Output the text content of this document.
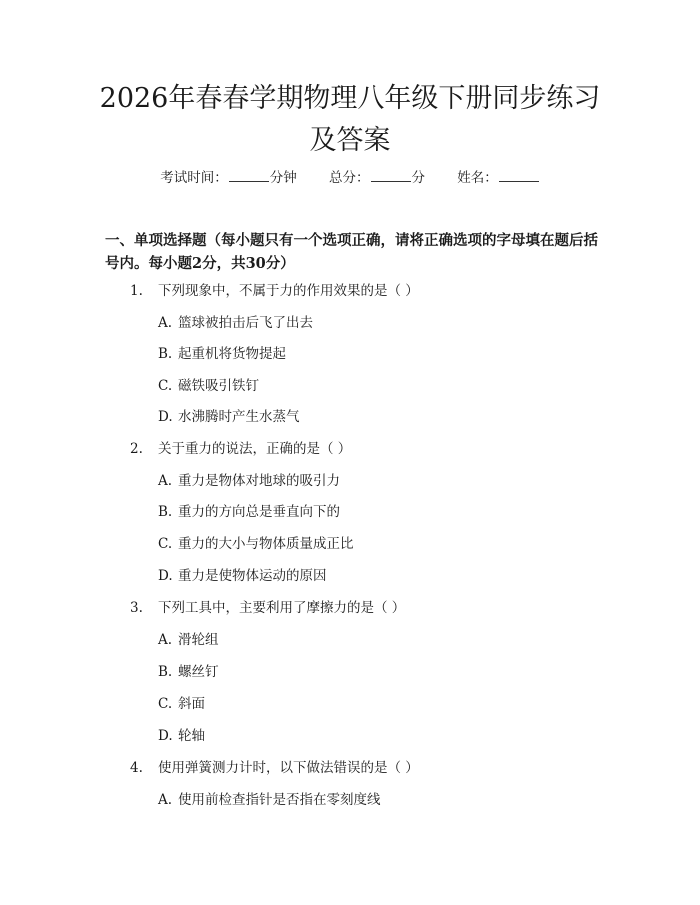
2026年春春学期物理八年级下册同步练习及答案
考试时间：	分钟 总分：	分 姓名：

一、单项选择题（每小题只有一个选项正确，请将正确选项的字母填在题后括号内。每小题2分，共30分）

1. 下列现象中，不属于力的作用效果的是（ ）
A. 篮球被拍击后飞了出去
B. 起重机将货物提起
C. 磁铁吸引铁钉
D. 水沸腾时产生水蒸气
2. 关于重力的说法，正确的是（ ）
A. 重力是物体对地球的吸引力
B. 重力的方向总是垂直向下的
C. 重力的大小与物体质量成正比
D. 重力是使物体运动的原因
3. 下列工具中，主要利用了摩擦力的是（ ）
A. 滑轮组
B. 螺丝钉
C. 斜面
D. 轮轴
4. 使用弹簧测力计时，以下做法错误的是（ ）
A. 使用前检查指针是否指在零刻度线
